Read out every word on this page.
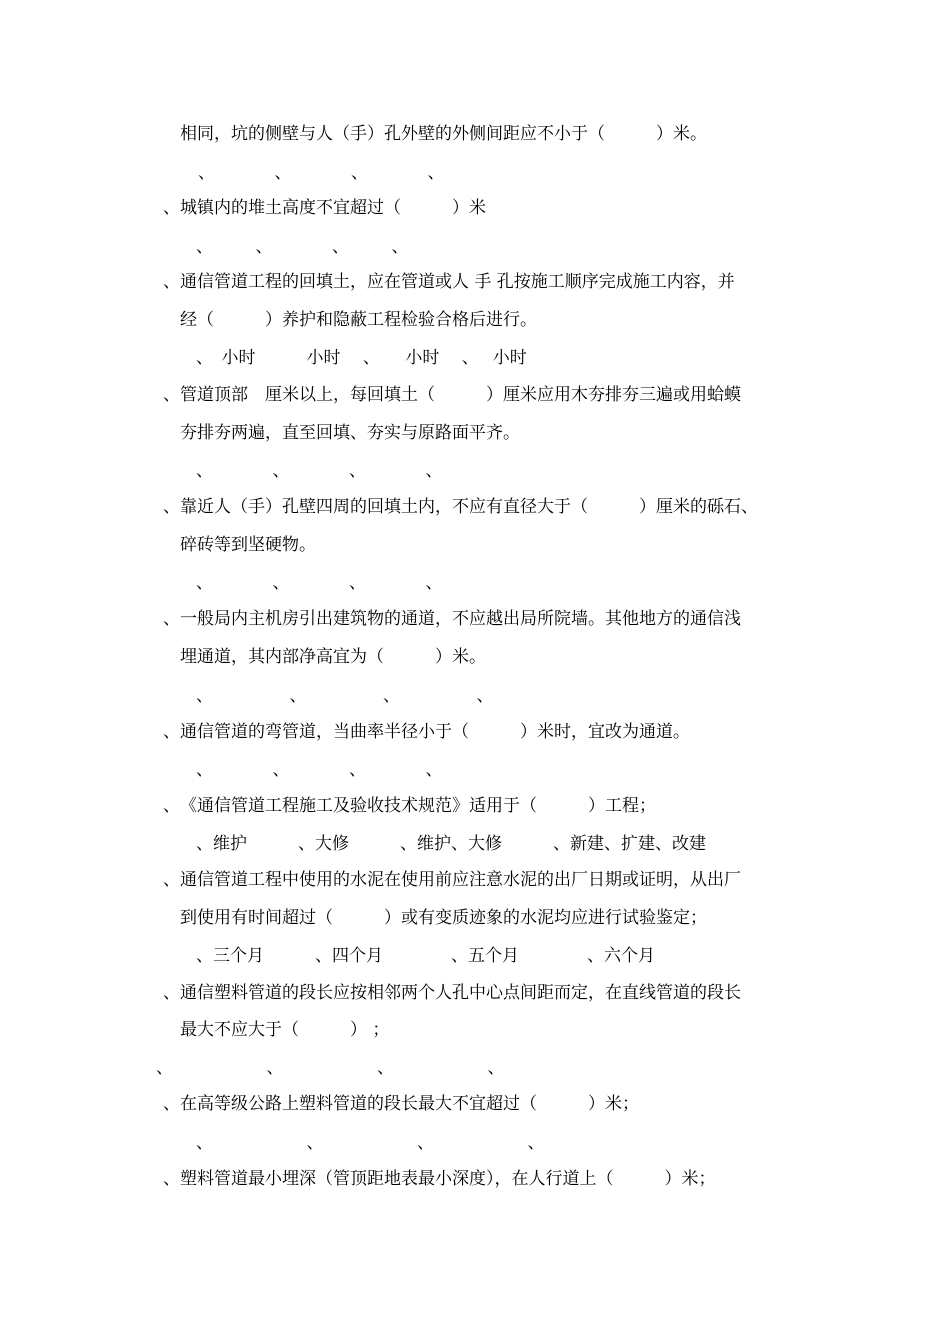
相同，坑的侧壁与人（手）孔外壁的外侧间距应不小于（　　　）米。
、　　　　、　　　　、　　　　、
、城镇内的堆土高度不宜超过（　　　）米
、　　　、　　　　、　　　、
、通信管道工程的回填土，应在管道或人 手 孔按施工顺序完成施工内容，并
经（　　　）养护和隐蔽工程检验合格后进行。
、　小时　　　小时　 、　　小时　 、　 小时
、管道顶部　厘米以上，每回填土（　　　）厘米应用木夯排夯三遍或用蛤蟆
夯排夯两遍，直至回填、夯实与原路面平齐。
、　　　　、　　　　、　　　　、
、靠近人（手）孔壁四周的回填土内，不应有直径大于（　　　）厘米的砾石、
碎砖等到坚硬物。
、　　　　、　　　　、　　　　、
、一般局内主机房引出建筑物的通道，不应越出局所院墙。其他地方的通信浅
埋通道，其内部净高宜为（　　　）米。
、　　　　　、　　　　　、　　　　　、
、通信管道的弯管道，当曲率半径小于（　　　）米时，宜改为通道。
、　　　　、　　　　、　　　　、
、　《通信管道工程施工及验收技术规范》适用于（　　　）工程；
、维护　　　、大修　　　、维护、大修　　　、新建、扩建、改建
、通信管道工程中使用的水泥在使用前应注意水泥的出厂日期或证明，从出厂
到使用有时间超过（　　　）或有变质迹象的水泥均应进行试验鉴定；
、三个月　　　、四个月　　　　、五个月　　　　、六个月
、通信塑料管道的段长应按相邻两个人孔中心点间距而定，在直线管道的段长
最大不应大于（　　　） ；
、　　　　　　、　　　　　　、　　　　　　、
、在高等级公路上塑料管道的段长最大不宜超过（　　　）米；
、　　　　　　、　　　　　　、　　　　　　、
、塑料管道最小埋深（管顶距地表最小深度），在人行道上（　　　）米；
